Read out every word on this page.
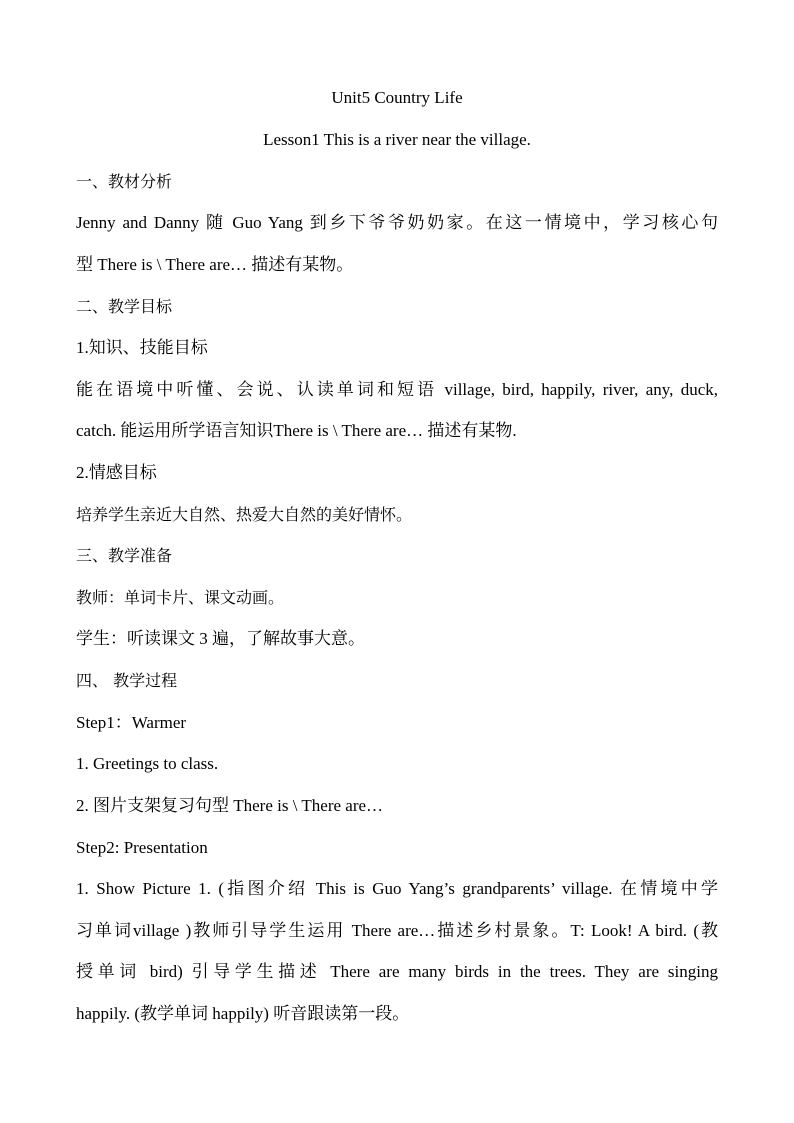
Unit5 Country Life
Lesson1 This is a river near the village.
一、教材分析
Jenny and Danny 随 Guo Yang 到乡下爷爷奶奶家。在这一情境中，学习核心句
型 There is \ There are… 描述有某物。
二、教学目标
1.知识、技能目标
能在语境中听懂、会说、认读单词和短语 village, bird, happily, river, any, duck,
catch. 能运用所学语言知识There is \ There are… 描述有某物.
2.情感目标
培养学生亲近大自然、热爱大自然的美好情怀。
三、教学准备
教师：单词卡片、课文动画。
学生：听读课文 3 遍，了解故事大意。
四、 教学过程
Step1：Warmer
1. Greetings to class.
2. 图片支架复习句型 There is \ There are…
Step2: Presentation
1. Show Picture 1. (指图介绍 This is Guo Yang’s grandparents’ village. 在情境中学
习单词village )教师引导学生运用 There are…描述乡村景象。T: Look! A bird. (教
授单词 bird) 引导学生描述 There are many birds in the trees. They are singing
happily. (教学单词 happily) 听音跟读第一段。
